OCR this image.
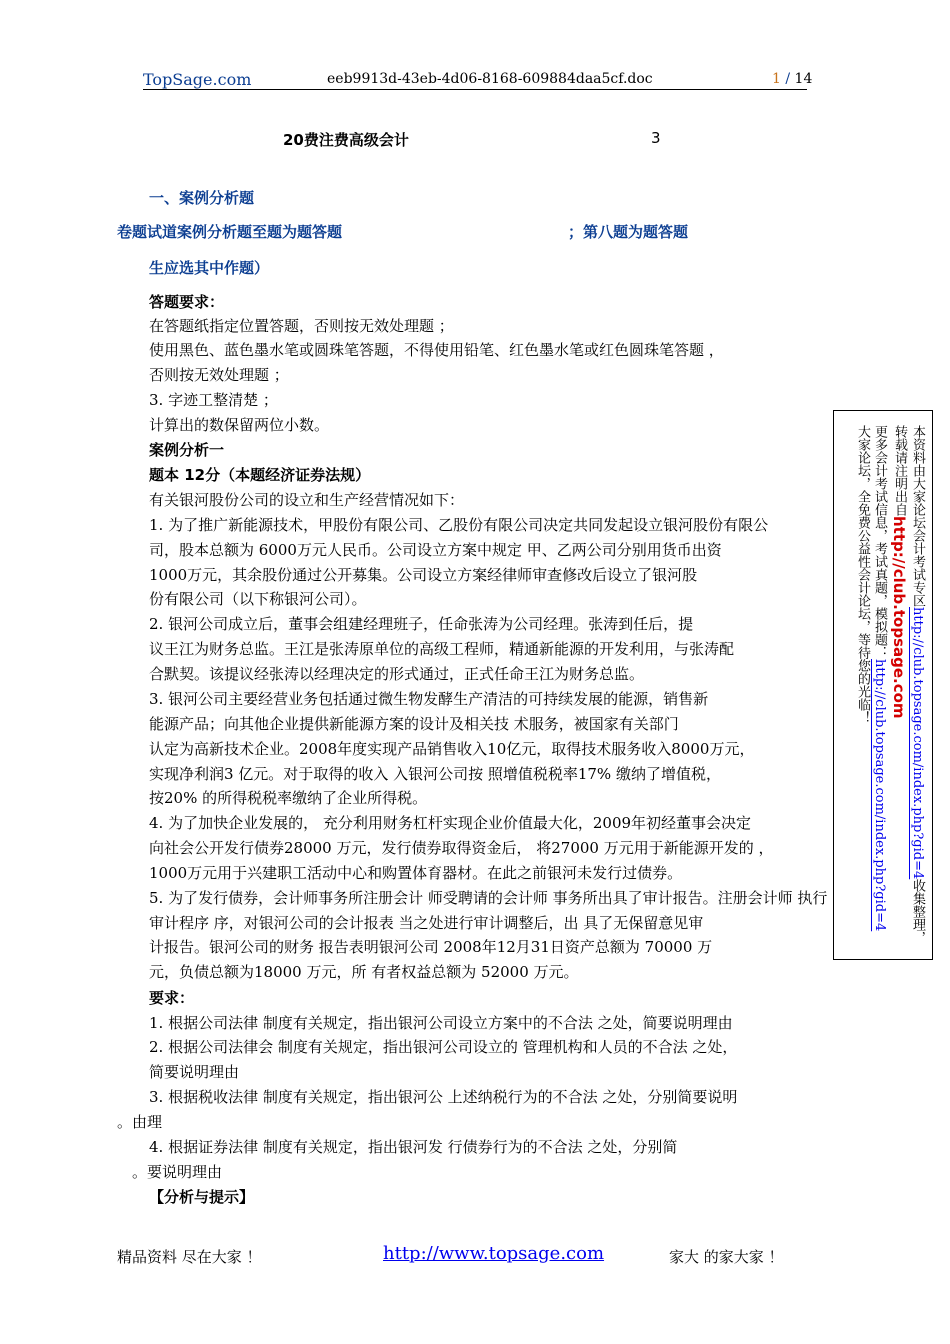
TopSage.com	eeb9913d-43eb-4d06-8168-609884daa5cf.doc	1 / 14
20费注费高级会计	3
一、案例分析题
卷题试道案例分析题至题为题答题	；第八题为题答题
生应选其中作题）
答题要求：
在答题纸指定位置答题，否则按无效处理题 ；
使用黑色、蓝色墨水笔或圆珠笔答题，不得使用铅笔、红色墨水笔或红色圆珠笔答题 ，
否则按无效处理题 ；
3. 字迹工整清楚 ；
计算出的数保留两位小数。
案例分析一
题本 12分（本题经济证券法规）
有关银河股份公司的设立和生产经营情况如下：
1. 为了推广新能源技术，甲股份有限公司、乙股份有限公司决定共同发起设立银河股份有限公
司，股本总额为 6000万元人民币。公司设立方案中规定 甲、乙两公司分别用货币出资
1000万元，其余股份通过公开募集。公司设立方案经律师审查修改后设立了银河股
份有限公司（以下称银河公司）。
2. 银河公司成立后，董事会组建经理班子，任命张涛为公司经理。张涛到任后，提
议王江为财务总监。王江是张涛原单位的高级工程师，精通新能源的开发利用，与张涛配
合默契。该提议经张涛以经理决定的形式通过，正式任命王江为财务总监。
3. 银河公司主要经营业务包括通过微生物发酵生产清洁的可持续发展的能源，销售新
能源产品；向其他企业提供新能源方案的设计及相关技 术服务，被国家有关部门
认定为高新技术企业。2008年度实现产品销售收入10亿元，取得技术服务收入8000万元，
实现净利润3 亿元。对于取得的收入 入银河公司按 照增值税税率17% 缴纳了增值税，
按20% 的所得税税率缴纳了企业所得税。
4. 为了加快企业发展的， 充分利用财务杠杆实现企业价值最大化，2009年初经董事会决定
向社会公开发行债券28000 万元，发行债券取得资金后， 将27000 万元用于新能源开发的 ，
1000万元用于兴建职工活动中心和购置体育器材。在此之前银河未发行过债券。
5. 为了发行债券，会计师事务所注册会计 师受聘请的会计师 事务所出具了审计报告。注册会计师 执行
审计程序 序，对银河公司的会计报表 当之处进行审计调整后，出 具了无保留意见审
计报告。银河公司的财务 报告表明银河公司 2008年12月31日资产总额为 70000 万
元，负债总额为18000 万元，所 有者权益总额为 52000 万元。
要求：
1. 根据公司法律 制度有关规定，指出银河公司设立方案中的不合法 之处，简要说明理由
2. 根据公司法律会 制度有关规定，指出银河公司设立的 管理机构和人员的不合法 之处，
简要说明理由
3. 根据税收法律 制度有关规定，指出银河公 上述纳税行为的不合法 之处，分别简要说明
。由理
4. 根据证券法律 制度有关规定，指出银河发 行债券行为的不合法 之处，分别简
。要说明理由
【分析与提示】
本资料由大家论坛会计考试专区http://club.topsage.com/index.php?gid=4收集整理，
转载请注明出自http://club.topsage.com
更多会计考试信息，考试真题，模拟题：http://club.topsage.com/index.php?gid=4
大家论坛，全免费公益性会计论坛，等待您的光临！
精品资料 尽在大家 ！	http://www.topsage.com	家大 的家大家 ！
